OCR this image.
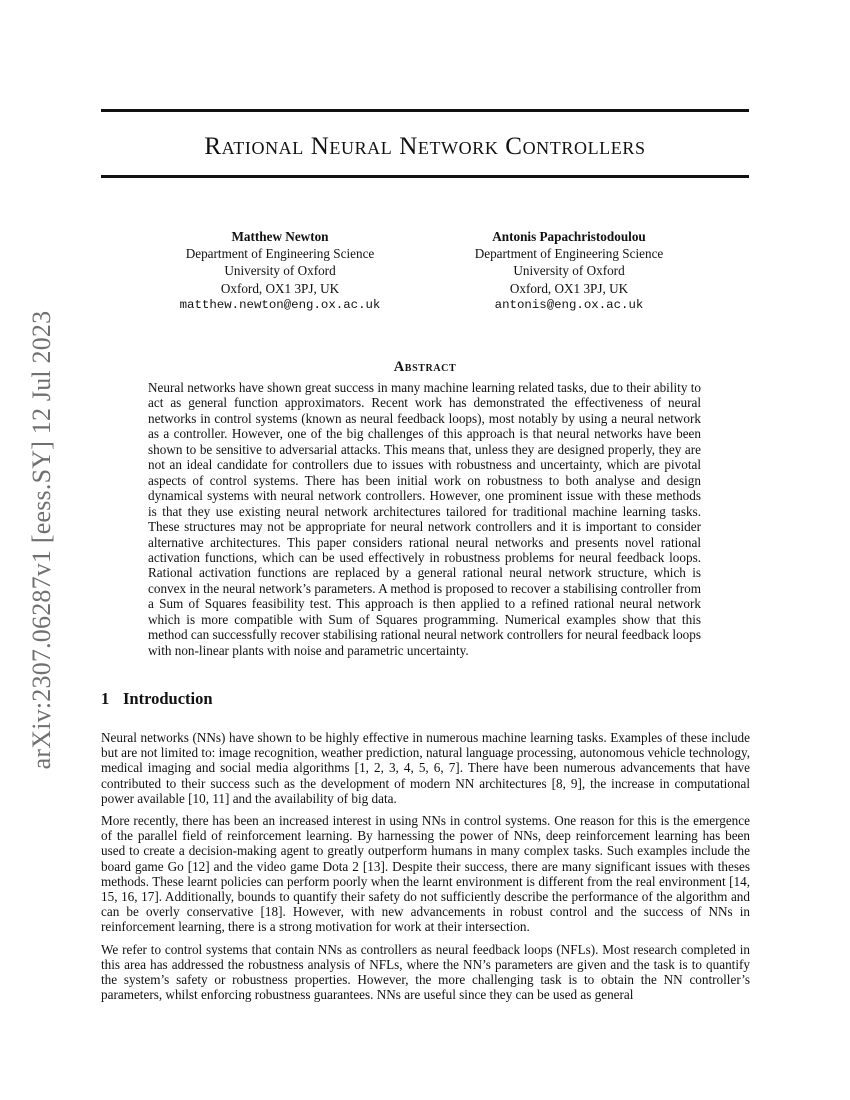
arXiv:2307.06287v1 [eess.SY] 12 Jul 2023
Rational Neural Network Controllers
Matthew Newton
Department of Engineering Science
University of Oxford
Oxford, OX1 3PJ, UK
matthew.newton@eng.ox.ac.uk
Antonis Papachristodoulou
Department of Engineering Science
University of Oxford
Oxford, OX1 3PJ, UK
antonis@eng.ox.ac.uk
Abstract
Neural networks have shown great success in many machine learning related tasks, due to their ability to act as general function approximators. Recent work has demonstrated the effectiveness of neural networks in control systems (known as neural feedback loops), most notably by using a neural network as a controller. However, one of the big challenges of this approach is that neural networks have been shown to be sensitive to adversarial attacks. This means that, unless they are designed properly, they are not an ideal candidate for controllers due to issues with robustness and uncertainty, which are pivotal aspects of control systems. There has been initial work on robustness to both analyse and design dynamical systems with neural network controllers. However, one prominent issue with these methods is that they use existing neural network architectures tailored for traditional machine learning tasks. These structures may not be appropriate for neural network controllers and it is important to consider alternative architectures. This paper considers rational neural networks and presents novel rational activation functions, which can be used effectively in robustness problems for neural feedback loops. Rational activation functions are replaced by a general rational neural network structure, which is convex in the neural network’s parameters. A method is proposed to recover a stabilising controller from a Sum of Squares feasibility test. This approach is then applied to a refined rational neural network which is more compatible with Sum of Squares programming. Numerical examples show that this method can successfully recover stabilising rational neural network controllers for neural feedback loops with non-linear plants with noise and parametric uncertainty.
1 Introduction

Neural networks (NNs) have shown to be highly effective in numerous machine learning tasks. Examples of these include but are not limited to: image recognition, weather prediction, natural language processing, autonomous vehicle technology, medical imaging and social media algorithms [1, 2, 3, 4, 5, 6, 7]. There have been numerous advancements that have contributed to their success such as the development of modern NN architectures [8, 9], the increase in computational power available [10, 11] and the availability of big data.

More recently, there has been an increased interest in using NNs in control systems. One reason for this is the emergence of the parallel field of reinforcement learning. By harnessing the power of NNs, deep reinforcement learning has been used to create a decision-making agent to greatly outperform humans in many complex tasks. Such examples include the board game Go [12] and the video game Dota 2 [13]. Despite their success, there are many significant issues with theses methods. These learnt policies can perform poorly when the learnt environment is different from the real environment [14, 15, 16, 17]. Additionally, bounds to quantify their safety do not sufficiently describe the performance of the algorithm and can be overly conservative [18]. However, with new advancements in robust control and the success of NNs in reinforcement learning, there is a strong motivation for work at their intersection.

We refer to control systems that contain NNs as controllers as neural feedback loops (NFLs). Most research completed in this area has addressed the robustness analysis of NFLs, where the NN’s parameters are given and the task is to quantify the system’s safety or robustness properties. However, the more challenging task is to obtain the NN controller’s parameters, whilst enforcing robustness guarantees. NNs are useful since they can be used as general
